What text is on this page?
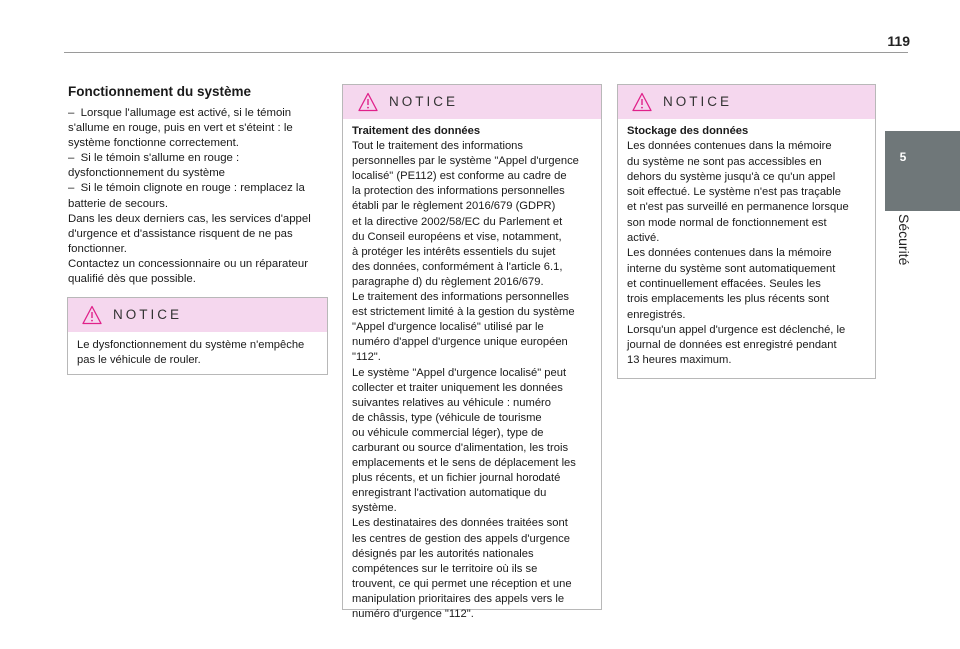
119
5
Sécurité
Fonctionnement du système
–  Lorsque l'allumage est activé, si le témoin
s'allume en rouge, puis en vert et s'éteint : le
système fonctionne correctement.
–  Si le témoin s'allume en rouge :
dysfonctionnement du système
–  Si le témoin clignote en rouge : remplacez la
batterie de secours.
Dans les deux derniers cas, les services d'appel
d'urgence et d'assistance risquent de ne pas
fonctionner.
Contactez un concessionnaire ou un réparateur
qualifié dès que possible.
NOTICE
Le dysfonctionnement du système n'empêche
pas le véhicule de rouler.
NOTICE
Traitement des données
Tout le traitement des informations
personnelles par le système "Appel d'urgence
localisé" (PE112) est conforme au cadre de
la protection des informations personnelles
établi par le règlement 2016/679 (GDPR)
et la directive 2002/58/EC du Parlement et
du Conseil européens et vise, notamment,
à protéger les intérêts essentiels du sujet
des données, conformément à l'article 6.1,
paragraphe d) du règlement 2016/679.
Le traitement des informations personnelles
est strictement limité à la gestion du système
"Appel d'urgence localisé" utilisé par le
numéro d'appel d'urgence unique européen
"112".
Le système "Appel d'urgence localisé" peut
collecter et traiter uniquement les données
suivantes relatives au véhicule : numéro
de châssis, type (véhicule de tourisme
ou véhicule commercial léger), type de
carburant ou source d'alimentation, les trois
emplacements et le sens de déplacement les
plus récents, et un fichier journal horodaté
enregistrant l'activation automatique du
système.
Les destinataires des données traitées sont
les centres de gestion des appels d'urgence
désignés par les autorités nationales
compétences sur le territoire où ils se
trouvent, ce qui permet une réception et une
manipulation prioritaires des appels vers le
numéro d'urgence "112".
NOTICE
Stockage des données
Les données contenues dans la mémoire
du système ne sont pas accessibles en
dehors du système jusqu'à ce qu'un appel
soit effectué. Le système n'est pas traçable
et n'est pas surveillé en permanence lorsque
son mode normal de fonctionnement est
activé.
Les données contenues dans la mémoire
interne du système sont automatiquement
et continuellement effacées. Seules les
trois emplacements les plus récents sont
enregistrés.
Lorsqu'un appel d'urgence est déclenché, le
journal de données est enregistré pendant
13 heures maximum.
